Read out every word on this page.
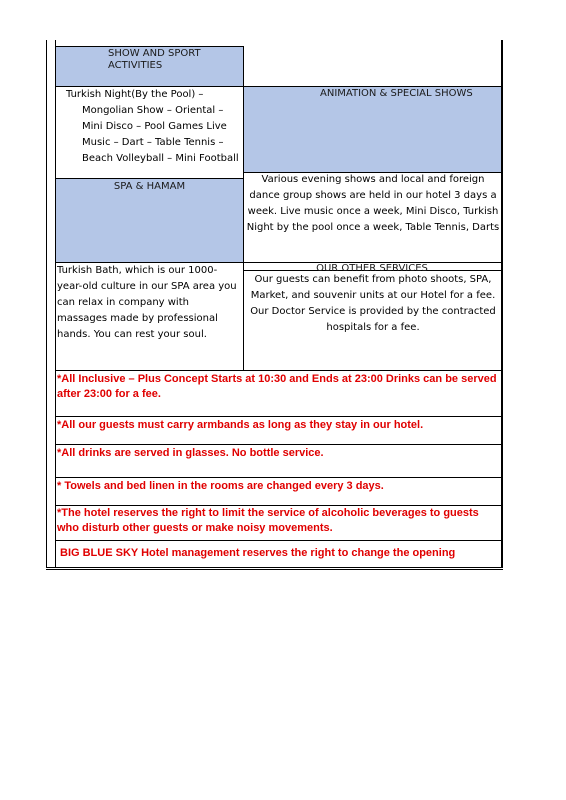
SHOW AND SPORT ACTIVITIES
Turkish Night(By the Pool) – Mongolian Show – Oriental – Mini Disco – Pool Games Live Music – Dart – Table Tennis – Beach Volleyball – Mini Football
ANIMATION & SPECIAL SHOWS
Various evening shows and local and foreign dance group shows are held in our hotel 3 days a week. Live music once a week, Mini Disco, Turkish Night by the pool once a week, Table Tennis, Darts
SPA & HAMAM
Turkish Bath, which is our 1000-year-old culture in our SPA area you can relax in company with massages made by professional hands. You can rest your soul.
OUR OTHER SERVICES
Our guests can benefit from photo shoots, SPA, Market, and souvenir units at our Hotel for a fee. Our Doctor Service is provided by the contracted hospitals for a fee.
*All Inclusive – Plus Concept Starts at 10:30 and Ends at 23:00 Drinks can be served after 23:00 for a fee.
*All our guests must carry armbands as long as they stay in our hotel.
*All drinks are served in glasses. No bottle service.
* Towels and bed linen in the rooms are changed every 3 days.
*The hotel reserves the right to limit the service of alcoholic beverages to guests who disturb other guests or make noisy movements.
BIG BLUE SKY Hotel management reserves the right to change the opening
